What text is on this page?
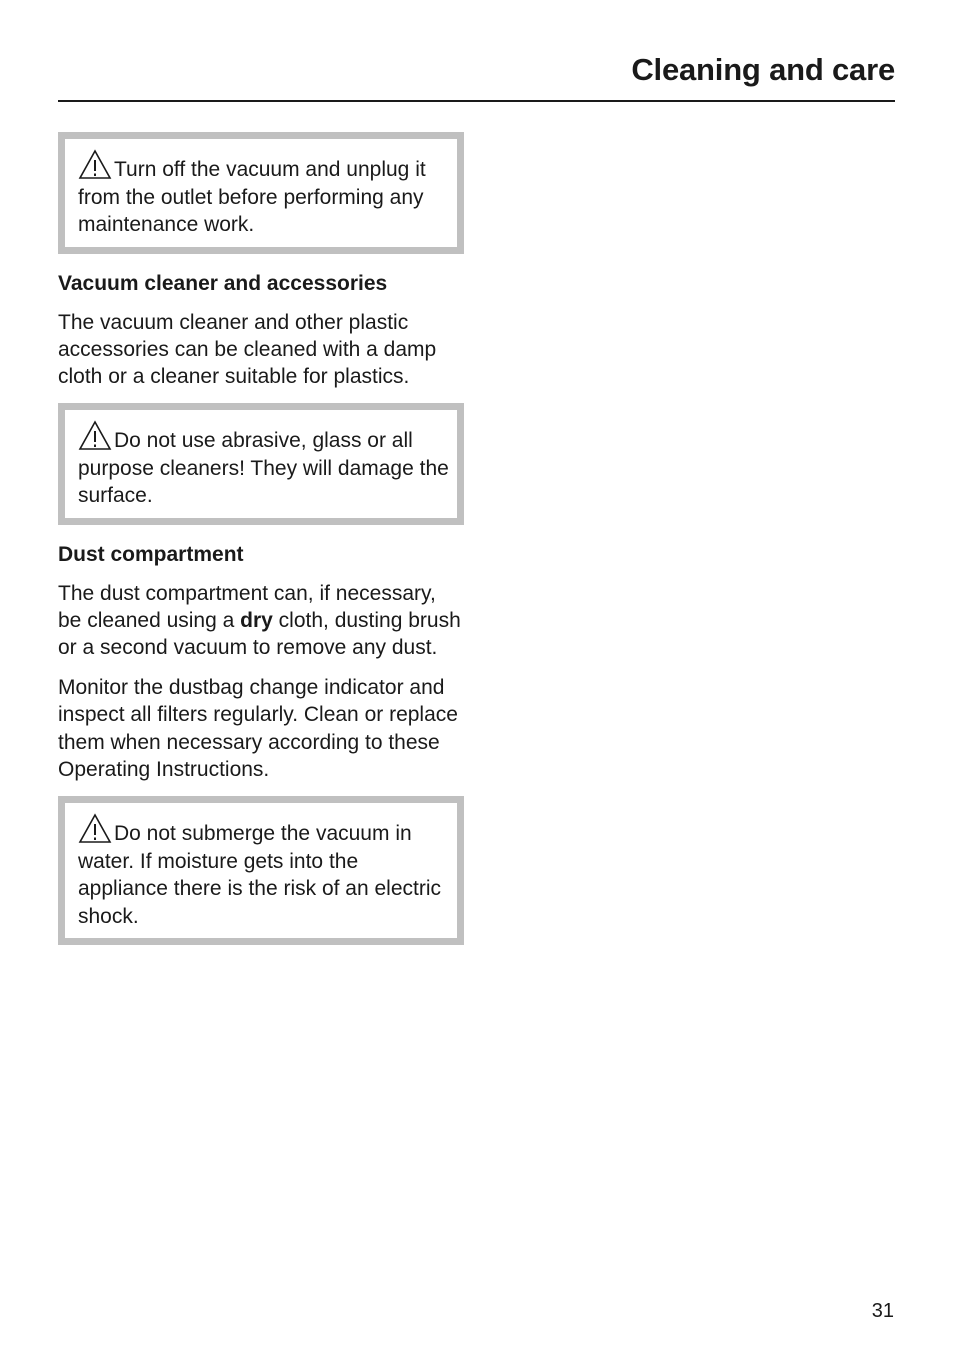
Cleaning and care
Turn off the vacuum and unplug it from the outlet before performing any maintenance work.
Vacuum cleaner and accessories

The vacuum cleaner and other plastic accessories can be cleaned with a damp cloth or a cleaner suitable for plastics.

Do not use abrasive, glass or all purpose cleaners! They will damage the surface.
Dust compartment

The dust compartment can, if necessary, be cleaned using a dry cloth, dusting brush or a second vacuum to remove any dust.

Monitor the dustbag change indicator and inspect all filters regularly. Clean or replace them when necessary according to these Operating Instructions.

Do not submerge the vacuum in water. If moisture gets into the appliance there is the risk of an electric shock.
31
